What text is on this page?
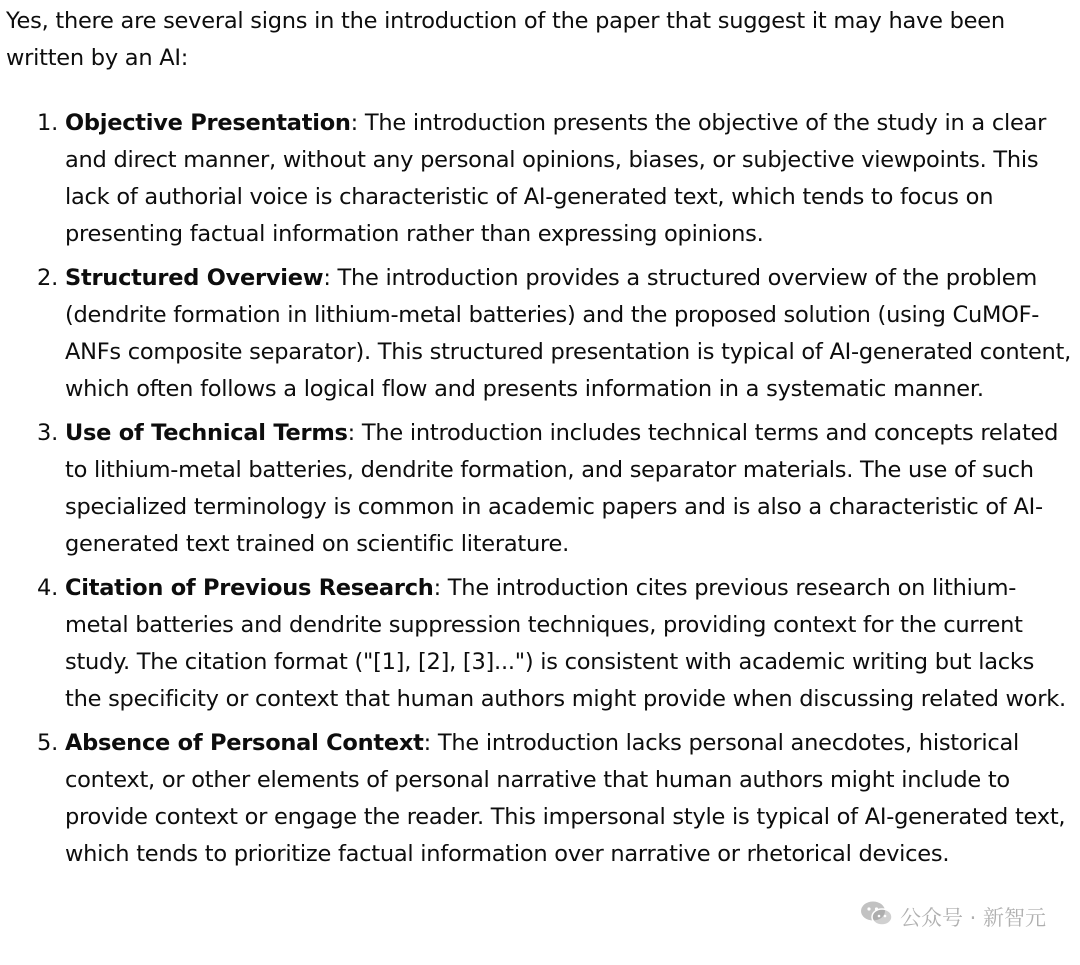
Yes, there are several signs in the introduction of the paper that suggest it may have been written by an AI:

1. Objective Presentation: The introduction presents the objective of the study in a clear and direct manner, without any personal opinions, biases, or subjective viewpoints. This lack of authorial voice is characteristic of AI-generated text, which tends to focus on presenting factual information rather than expressing opinions.
2. Structured Overview: The introduction provides a structured overview of the problem (dendrite formation in lithium-metal batteries) and the proposed solution (using CuMOF-ANFs composite separator). This structured presentation is typical of AI-generated content, which often follows a logical flow and presents information in a systematic manner.
3. Use of Technical Terms: The introduction includes technical terms and concepts related to lithium-metal batteries, dendrite formation, and separator materials. The use of such specialized terminology is common in academic papers and is also a characteristic of AI-generated text trained on scientific literature.
4. Citation of Previous Research: The introduction cites previous research on lithium-metal batteries and dendrite suppression techniques, providing context for the current study. The citation format ("[1], [2], [3]...") is consistent with academic writing but lacks the specificity or context that human authors might provide when discussing related work.
5. Absence of Personal Context: The introduction lacks personal anecdotes, historical context, or other elements of personal narrative that human authors might include to provide context or engage the reader. This impersonal style is typical of AI-generated text, which tends to prioritize factual information over narrative or rhetorical devices.
公众号 · 新智元
